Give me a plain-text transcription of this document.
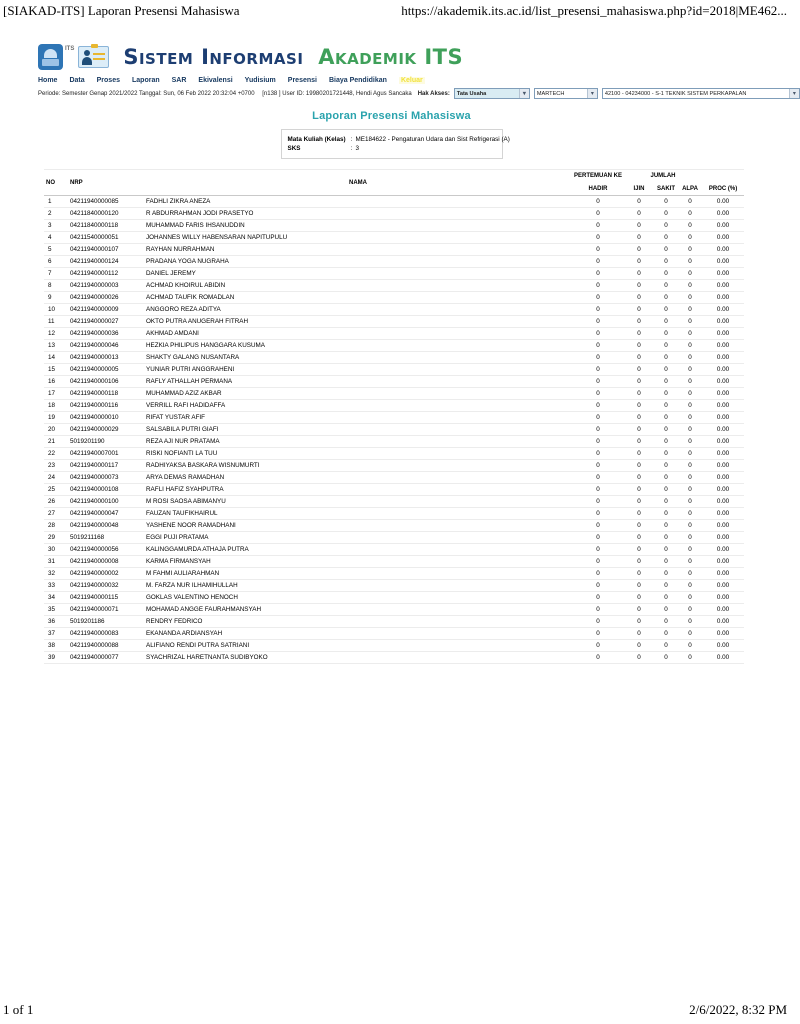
[SIAKAD-ITS] Laporan Presensi Mahasiswa	https://akademik.its.ac.id/list_presensi_mahasiswa.php?id=2018|ME462...
ITS Sistem Informasi Akademik ITS
Home Data Proses Laporan SAR Ekivalensi Yudisium Presensi Biaya Pendidikan Keluar
Periode: Semester Genap 2021/2022 Tanggal: Sun, 06 Feb 2022 20:32:04 +0700 [n138 ] User ID: 19980201721448, Hendi Agus Sancaka	Hak Akses: Tata Usaha	▾	MARTECH	▾	42100 - 04234000 - S-1 TEKNIK SISTEM PERKAPALAN	▾
Laporan Presensi Mahasiswa
Mata Kuliah (Kelas) : ME184622 - Pengaturan Udara dan Sist Refrigerasi (A)
SKS	: 3
NO	NRP	NAMA	PERTEMUAN KE	JUMLAH			
			HADIR	IJIN	SAKIT	ALPA	PROC (%)
1	04211940000085	FADHLI ZIKRA ANEZA	0	0	0	0	0.00
2	04211840000120	R ABDURRAHMAN JODI PRASETYO	0	0	0	0	0.00
3	04211840000118	MUHAMMAD FARIS IHSANUDDIN	0	0	0	0	0.00
4	04211540000051	JOHANNES WILLY HABENSARAN NAPITUPULU	0	0	0	0	0.00
5	04211940000107	RAYHAN NURRAHMAN	0	0	0	0	0.00
6	04211940000124	PRADANA YOGA NUGRAHA	0	0	0	0	0.00
7	04211940000112	DANIEL JEREMY	0	0	0	0	0.00
8	04211940000003	ACHMAD KHOIRUL ABIDIN	0	0	0	0	0.00
9	04211940000026	ACHMAD TAUFIK ROMADLAN	0	0	0	0	0.00
10	04211940000009	ANGGORO REZA ADITYA	0	0	0	0	0.00
11	04211940000027	OKTO PUTRA ANUGERAH FITRAH	0	0	0	0	0.00
12	04211940000036	AKHMAD AMDANI	0	0	0	0	0.00
13	04211940000046	HEZKIA PHILIPUS HANGGARA KUSUMA	0	0	0	0	0.00
14	04211940000013	SHAKTY GALANG NUSANTARA	0	0	0	0	0.00
15	04211940000005	YUNIAR PUTRI ANGGRAHENI	0	0	0	0	0.00
16	04211940000106	RAFLY ATHALLAH PERMANA	0	0	0	0	0.00
17	04211940000118	MUHAMMAD AZIZ AKBAR	0	0	0	0	0.00
18	04211940000116	VERRILL RAFI HADIDAFFA	0	0	0	0	0.00
19	04211940000010	RIFAT YUSTAR AFIF	0	0	0	0	0.00
20	04211940000029	SALSABILA PUTRI GIAFI	0	0	0	0	0.00
21	5019201190	REZA AJI NUR PRATAMA	0	0	0	0	0.00
22	04211940007001	RISKI NOFIANTI LA TUU	0	0	0	0	0.00
23	04211940000117	RADHIYAKSA BASKARA WISNUMURTI	0	0	0	0	0.00
24	04211940000073	ARYA DEMAS RAMADHAN	0	0	0	0	0.00
25	04211940000108	RAFLI HAFIZ SYAHPUTRA	0	0	0	0	0.00
26	04211940000100	M ROSI SAOSA ABIMANYU	0	0	0	0	0.00
27	04211940000047	FAUZAN TAUFIKHAIRUL	0	0	0	0	0.00
28	04211940000048	YASHENE NOOR RAMADHANI	0	0	0	0	0.00
29	5019211168	EGGI PUJI PRATAMA	0	0	0	0	0.00
30	04211940000056	KALINGGAMURDA ATHAJA PUTRA	0	0	0	0	0.00
31	04211940000008	KARMA FIRMANSYAH	0	0	0	0	0.00
32	04211940000002	M FAHMI AULIARAHMAN	0	0	0	0	0.00
33	04211940000032	M. FARZA NUR ILHAMIHULLAH	0	0	0	0	0.00
34	04211940000115	GOKLAS VALENTINO HENOCH	0	0	0	0	0.00
35	04211940000071	MOHAMAD ANGGE FAURAHMANSYAH	0	0	0	0	0.00
36	5019201186	RENDRY FEDRICO	0	0	0	0	0.00
37	04211940000083	EKANANDA ARDIANSYAH	0	0	0	0	0.00
38	04211940000088	ALIFIANO RENDI PUTRA SATRIANI	0	0	0	0	0.00
39	04211940000077	SYACHRIZAL HARETNANTA SUDIBYOKO	0	0	0	0	0.00
1 of 1	2/6/2022, 8:32 PM
